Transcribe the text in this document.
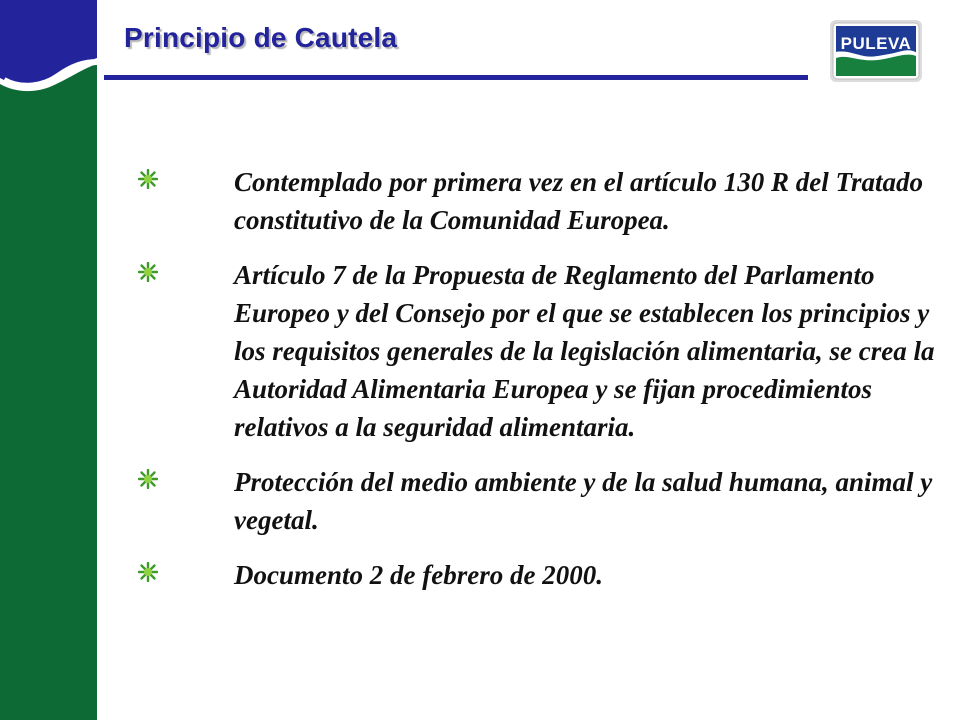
Principio de Cautela	PULEVA
Contemplado por primera vez en el artículo 130 R del Tratado constitutivo de la Comunidad Europea.
Artículo 7 de la Propuesta de Reglamento del Parlamento Europeo y del Consejo por el que se establecen los principios y los requisitos generales de la legislación alimentaria, se crea la Autoridad Alimentaria Europea y se fijan procedimientos relativos a la seguridad alimentaria.
Protección del medio ambiente y de la salud humana, animal y vegetal.
Documento 2 de febrero de 2000.
